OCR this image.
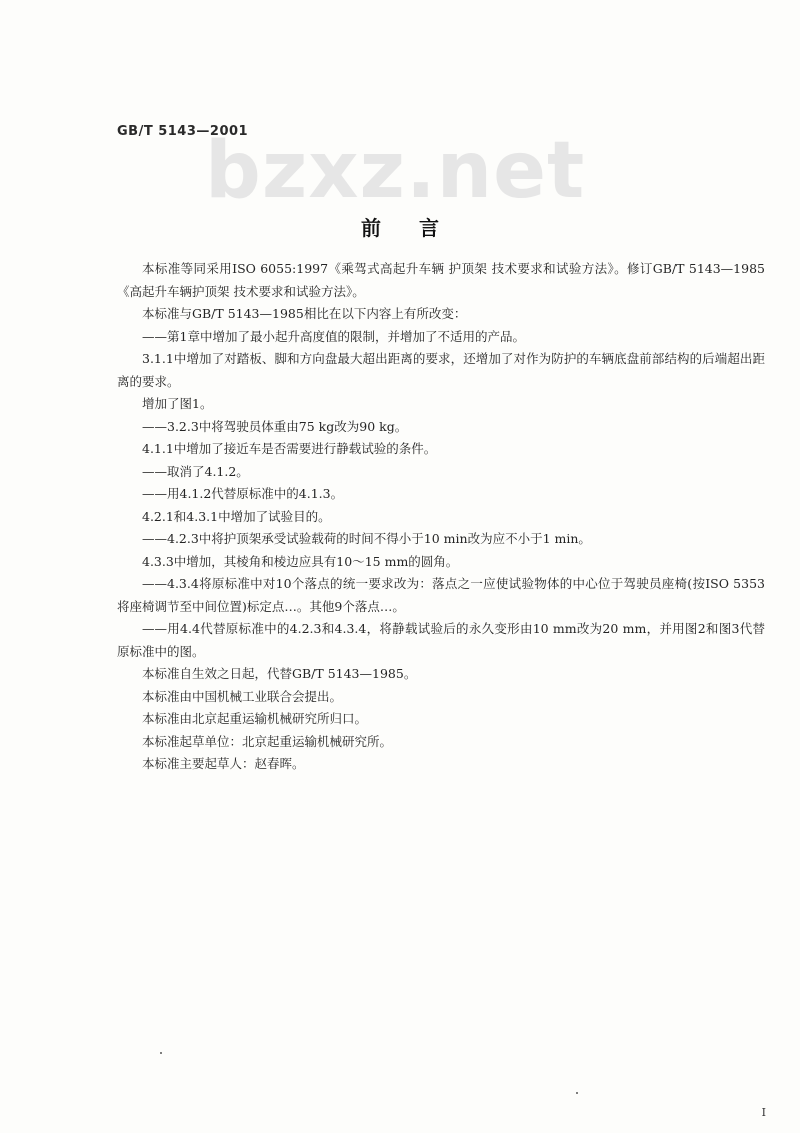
GB/T 5143—2001
bzxz.net
前言

本标准等同采用ISO 6055:1997《乘驾式高起升车辆 护顶架 技术要求和试验方法》。修订GB/T 5143—1985《高起升车辆护顶架 技术要求和试验方法》。

本标准与GB/T 5143—1985相比在以下内容上有所改变：

——第1章中增加了最小起升高度值的限制，并增加了不适用的产品。

3.1.1中增加了对踏板、脚和方向盘最大超出距离的要求，还增加了对作为防护的车辆底盘前部结构的后端超出距离的要求。

增加了图1。

——3.2.3中将驾驶员体重由75 kg改为90 kg。

4.1.1中增加了接近车是否需要进行静载试验的条件。

——取消了4.1.2。

——用4.1.2代替原标准中的4.1.3。

4.2.1和4.3.1中增加了试验目的。

——4.2.3中将护顶架承受试验载荷的时间不得小于10 min改为应不小于1 min。

4.3.3中增加，其棱角和棱边应具有10～15 mm的圆角。

——4.3.4将原标准中对10个落点的统一要求改为：落点之一应使试验物体的中心位于驾驶员座椅(按ISO 5353将座椅调节至中间位置)标定点…。其他9个落点…。

——用4.4代替原标准中的4.2.3和4.3.4，将静载试验后的永久变形由10 mm改为20 mm，并用图2和图3代替原标准中的图。

本标准自生效之日起，代替GB/T 5143—1985。

本标准由中国机械工业联合会提出。

本标准由北京起重运输机械研究所归口。

本标准起草单位：北京起重运输机械研究所。

本标准主要起草人：赵春晖。

I
